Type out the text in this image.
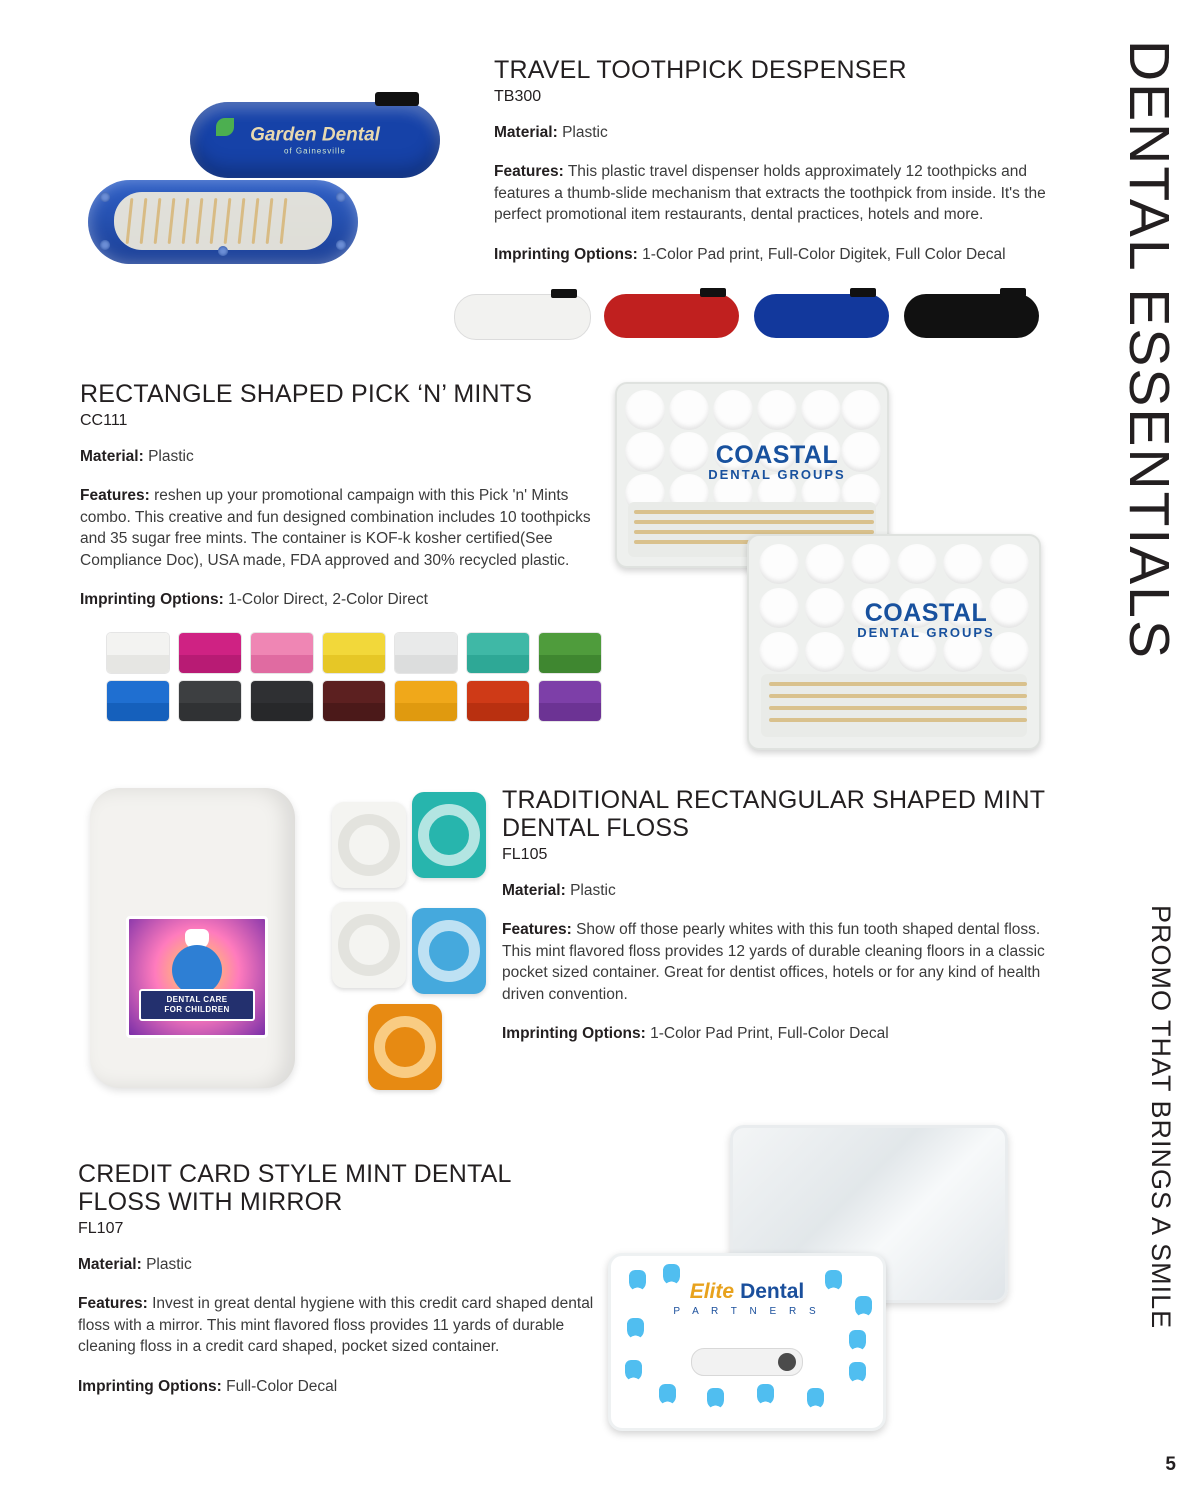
DENTAL ESSENTIALS
PROMO THAT BRINGS A SMILE
5
Garden Dental
of Gainesville
TRAVEL TOOTHPICK DESPENSER
TB300
Material: Plastic
Features: This plastic travel dispenser holds approximately 12 toothpicks and features a thumb-slide mechanism that extracts the toothpick from inside. It's the perfect promotional item restaurants, dental practices, hotels and more.
Imprinting Options: 1-Color Pad print, Full-Color Digitek, Full Color Decal
RECTANGLE SHAPED PICK ‘N’ MINTS
CC111
Material: Plastic
Features: reshen up your promotional campaign with this Pick 'n' Mints combo. This creative and fun designed combination includes 10 toothpicks and 35 sugar free mints. The container is KOF-k kosher certified(See Compliance Doc), USA made, FDA approved and 30% recycled plastic.
Imprinting Options: 1-Color Direct, 2-Color Direct
COASTAL
DENTAL GROUPS
COASTAL
DENTAL GROUPS
DENTAL CARE
FOR CHILDREN
TRADITIONAL RECTANGULAR SHAPED MINT DENTAL FLOSS
FL105
Material: Plastic
Features: Show off those pearly whites with this fun tooth shaped dental floss. This mint flavored floss provides 12 yards of durable cleaning floors in a classic pocket sized container. Great for dentist offices, hotels or for any kind of health driven convention.
Imprinting Options: 1-Color Pad Print, Full-Color Decal
CREDIT CARD STYLE MINT DENTAL FLOSS WITH MIRROR
FL107
Material: Plastic
Features: Invest in great dental hygiene with this credit card shaped dental floss with a mirror. This mint flavored floss provides 11 yards of durable cleaning floss in a credit card shaped, pocket sized container.
Imprinting Options: Full-Color Decal
Elite Dental
P A R T N E R S
